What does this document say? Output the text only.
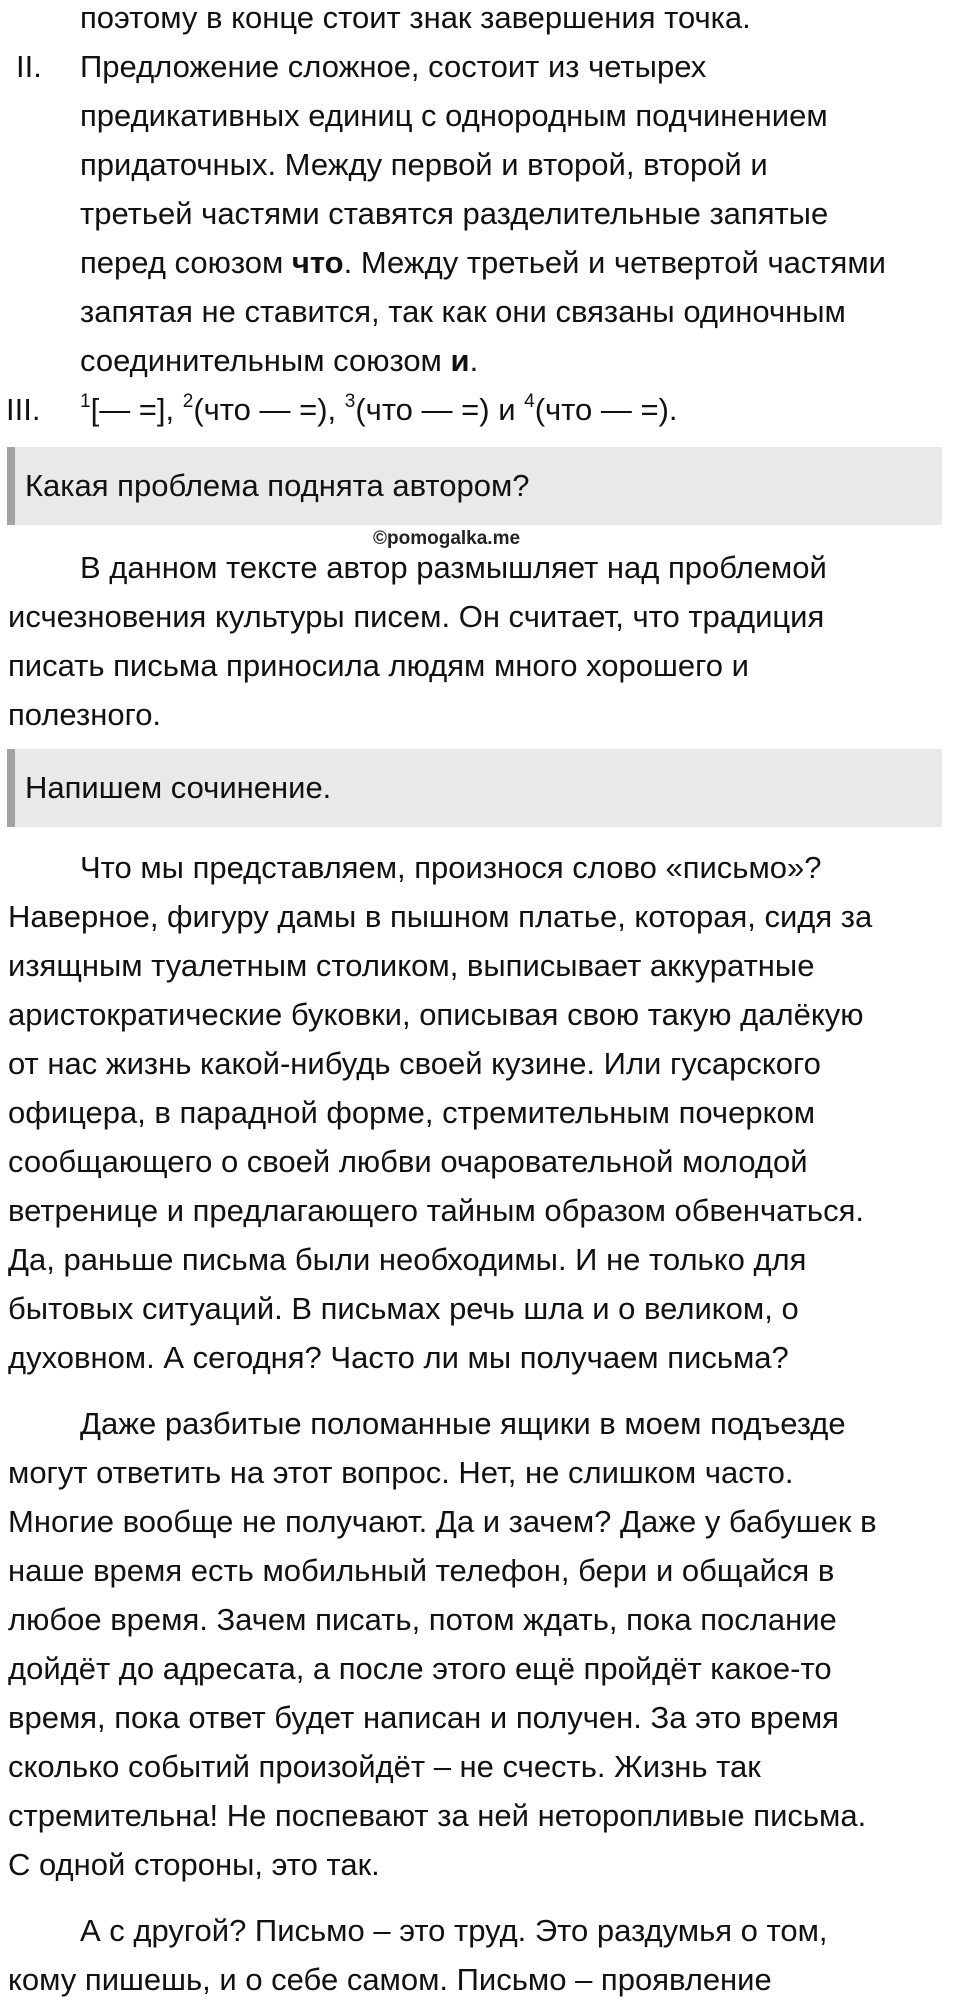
поэтому в конце стоит знак завершения точка.
II. Предложение сложное, состоит из четырех
предикативных единиц с однородным подчинением
придаточных. Между первой и второй, второй и
третьей частями ставятся разделительные запятые
перед союзом что. Между третьей и четвертой частями
запятая не ставится, так как они связаны одиночным
соединительным союзом и.
III. $^1$[— =], $^2$(что — =), $^3$(что — =) и $^4$(что — =).
Какая проблема поднята автором?
©pomogalka.me
В данном тексте автор размышляет над проблемой
исчезновения культуры писем. Он считает, что традиция
писать письма приносила людям много хорошего и
полезного.
Напишем сочинение.
Что мы представляем, произнося слово «письмо»?
Наверное, фигуру дамы в пышном платье, которая, сидя за
изящным туалетным столиком, выписывает аккуратные
аристократические буковки, описывая свою такую далёкую
от нас жизнь какой-нибудь своей кузине. Или гусарского
офицера, в парадной форме, стремительным почерком
сообщающего о своей любви очаровательной молодой
ветренице и предлагающего тайным образом обвенчаться.
Да, раньше письма были необходимы. И не только для
бытовых ситуаций. В письмах речь шла и о великом, о
духовном. А сегодня? Часто ли мы получаем письма?
Даже разбитые поломанные ящики в моем подъезде
могут ответить на этот вопрос. Нет, не слишком часто.
Многие вообще не получают. Да и зачем? Даже у бабушек в
наше время есть мобильный телефон, бери и общайся в
любое время. Зачем писать, потом ждать, пока послание
дойдёт до адресата, а после этого ещё пройдёт какое-то
время, пока ответ будет написан и получен. За это время
сколько событий произойдёт – не счесть. Жизнь так
стремительна! Не поспевают за ней неторопливые письма.
С одной стороны, это так.
А с другой? Письмо – это труд. Это раздумья о том,
кому пишешь, и о себе самом. Письмо – проявление
